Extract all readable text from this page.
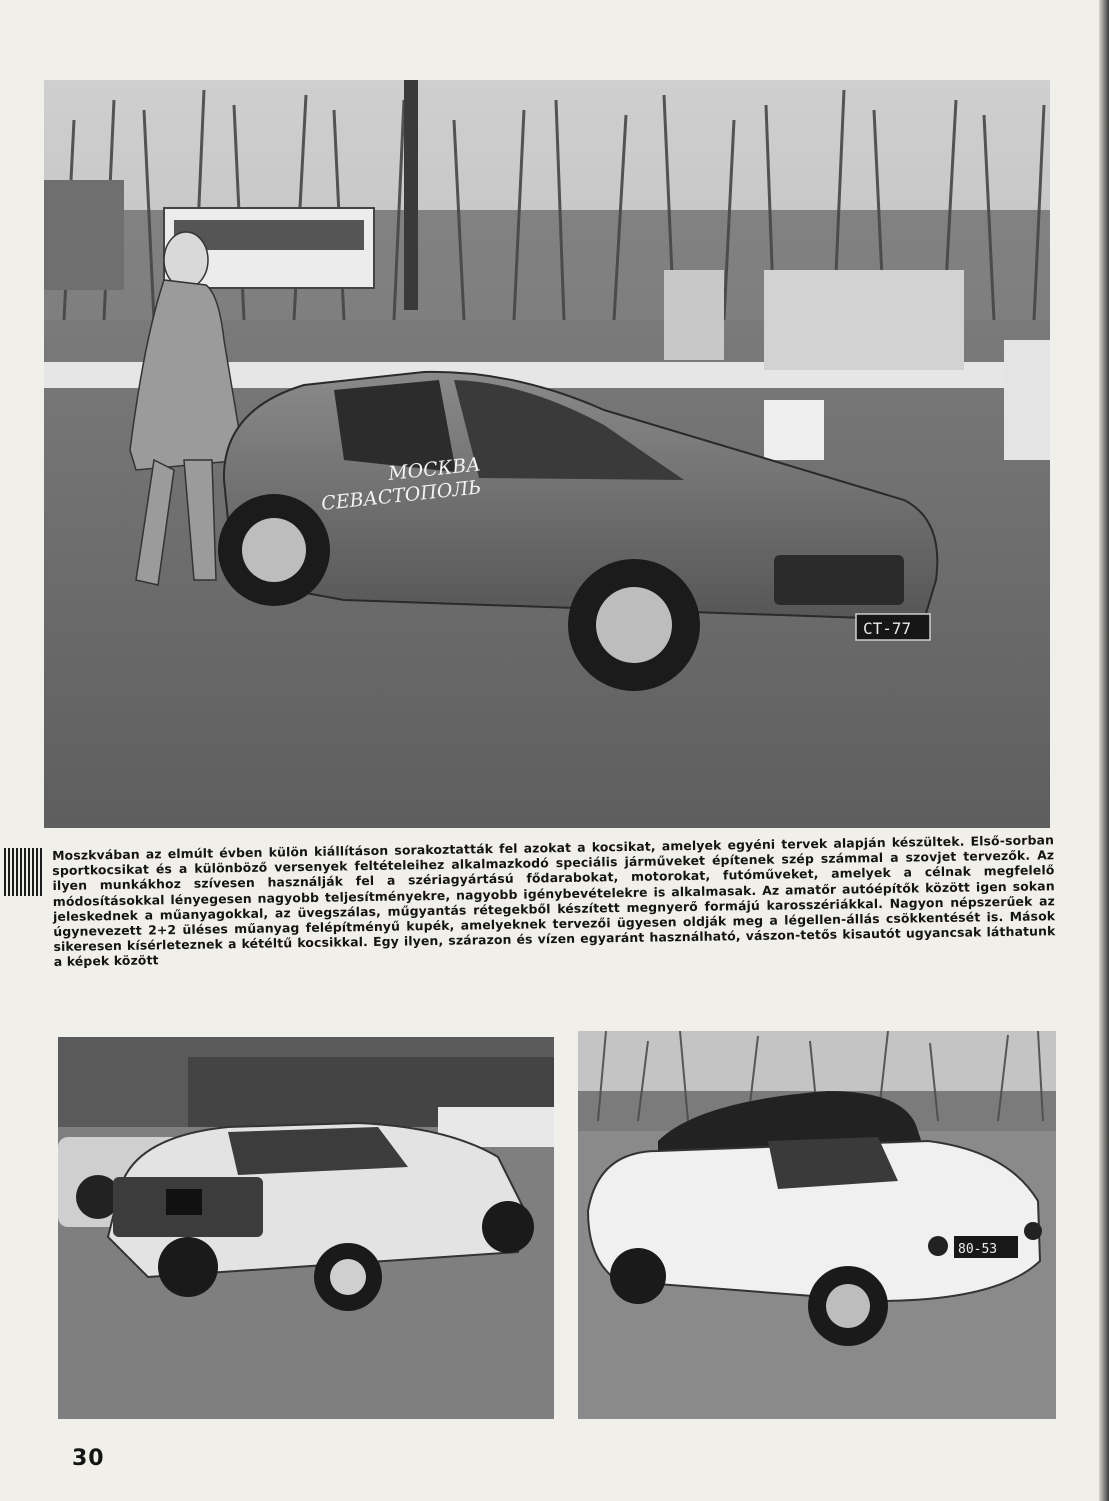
МОСКВА
СЕВАСТОПОЛЬ
CT-77

Moszkvában az elmúlt évben külön kiállításon sorakoztatták fel azokat a kocsikat, amelyek egyéni tervek alapján készültek. Első-sorban sportkocsikat és a különböző versenyek feltételeihez alkalmazkodó speciális járműveket építenek szép számmal a szovjet tervezők. Az ilyen munkákhoz szívesen használják fel a szériagyártású fődarabokat, motorokat, futóműveket, amelyek a célnak megfelelő módosításokkal lényegesen nagyobb teljesítményekre, nagyobb igénybevételekre is alkalmasak. Az amatőr autóépítők között igen sokan jeleskednek a műanyagokkal, az üvegszálas, műgyantás rétegekből készített megnyerő formájú karosszériákkal. Nagyon népszerűek az úgynevezett 2+2 üléses műanyag felépítményű kupék, amelyeknek tervezői ügyesen oldják meg a légellen-állás csökkentését is. Mások sikeresen kísérleteznek a kétéltű kocsikkal. Egy ilyen, szárazon és vízen egyaránt használható, vászon-tetős kisautót ugyancsak láthatunk a képek között

80-53
30
